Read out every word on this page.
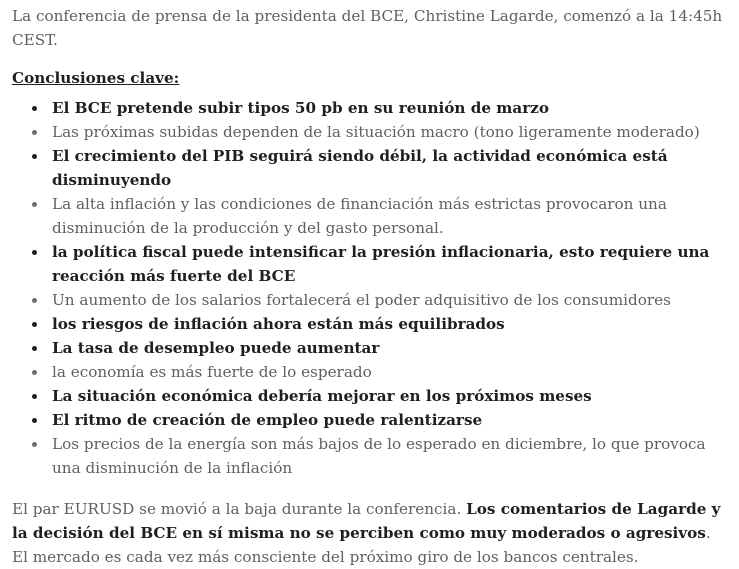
La conferencia de prensa de la presidenta del BCE, Christine Lagarde, comenzó a la 14:45h CEST.

Conclusiones clave:

El BCE pretende subir tipos 50 pb en su reunión de marzo
Las próximas subidas dependen de la situación macro (tono ligeramente moderado)
El crecimiento del PIB seguirá siendo débil, la actividad económica está disminuyendo
La alta inflación y las condiciones de financiación más estrictas provocaron una disminución de la producción y del gasto personal.
la política fiscal puede intensificar la presión inflacionaria, esto requiere una reacción más fuerte del BCE
Un aumento de los salarios fortalecerá el poder adquisitivo de los consumidores
los riesgos de inflación ahora están más equilibrados
La tasa de desempleo puede aumentar
la economía es más fuerte de lo esperado
La situación económica debería mejorar en los próximos meses
El ritmo de creación de empleo puede ralentizarse
Los precios de la energía son más bajos de lo esperado en diciembre, lo que provoca una disminución de la inflación

El par EURUSD se movió a la baja durante la conferencia. Los comentarios de Lagarde y la decisión del BCE en sí misma no se perciben como muy moderados o agresivos. El mercado es cada vez más consciente del próximo giro de los bancos centrales.
